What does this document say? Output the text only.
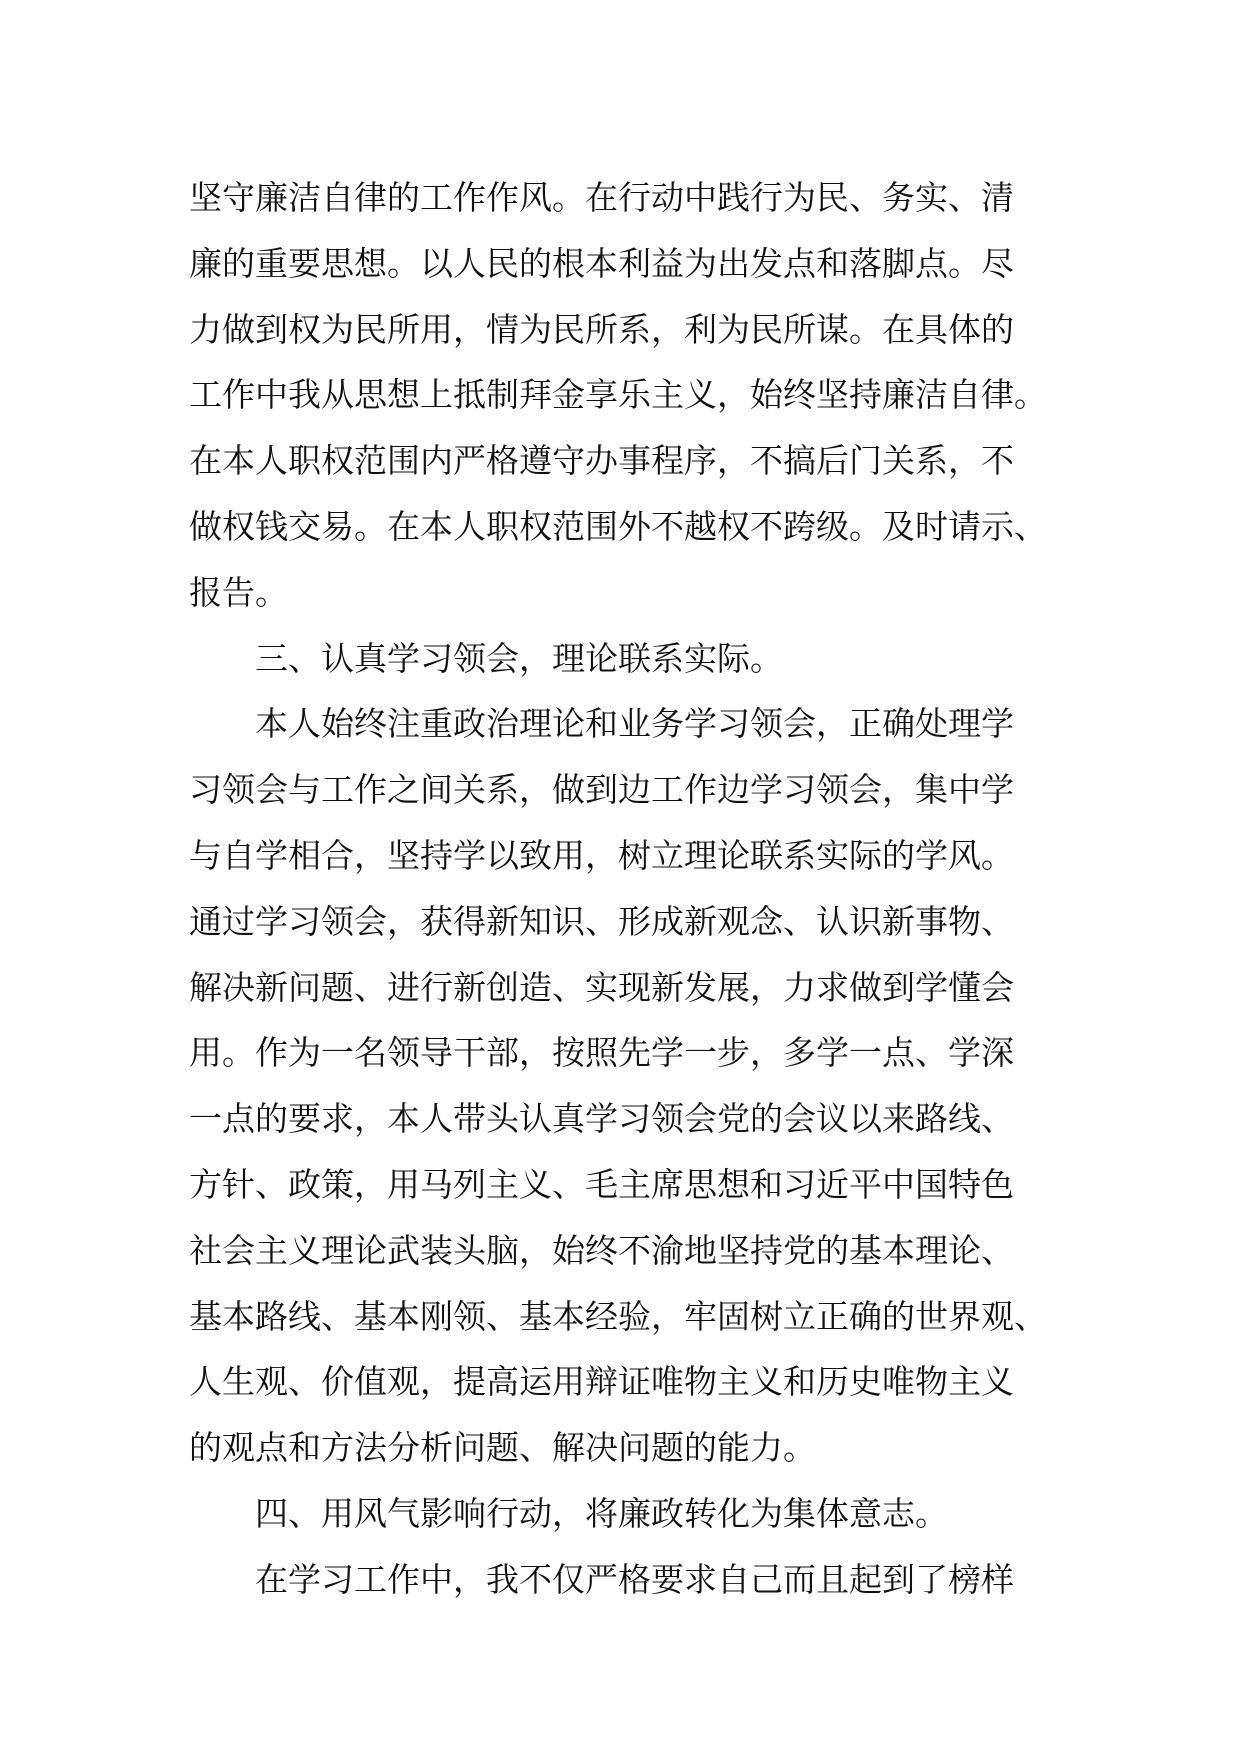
坚守廉洁自律的工作作风。在行动中践行为民、务实、清
廉的重要思想。以人民的根本利益为出发点和落脚点。尽
力做到权为民所用，情为民所系，利为民所谋。在具体的
工作中我从思想上抵制拜金享乐主义，始终坚持廉洁自律。
在本人职权范围内严格遵守办事程序，不搞后门关系，不
做权钱交易。在本人职权范围外不越权不跨级。及时请示、
报告。
三、认真学习领会，理论联系实际。
本人始终注重政治理论和业务学习领会，正确处理学
习领会与工作之间关系，做到边工作边学习领会，集中学
与自学相合，坚持学以致用，树立理论联系实际的学风。
通过学习领会，获得新知识、形成新观念、认识新事物、
解决新问题、进行新创造、实现新发展，力求做到学懂会
用。作为一名领导干部，按照先学一步，多学一点、学深
一点的要求，本人带头认真学习领会党的会议以来路线、
方针、政策，用马列主义、毛主席思想和习近平中国特色
社会主义理论武装头脑，始终不渝地坚持党的基本理论、
基本路线、基本刚领、基本经验，牢固树立正确的世界观、
人生观、价值观，提高运用辩证唯物主义和历史唯物主义
的观点和方法分析问题、解决问题的能力。
四、用风气影响行动，将廉政转化为集体意志。
在学习工作中，我不仅严格要求自己而且起到了榜样
